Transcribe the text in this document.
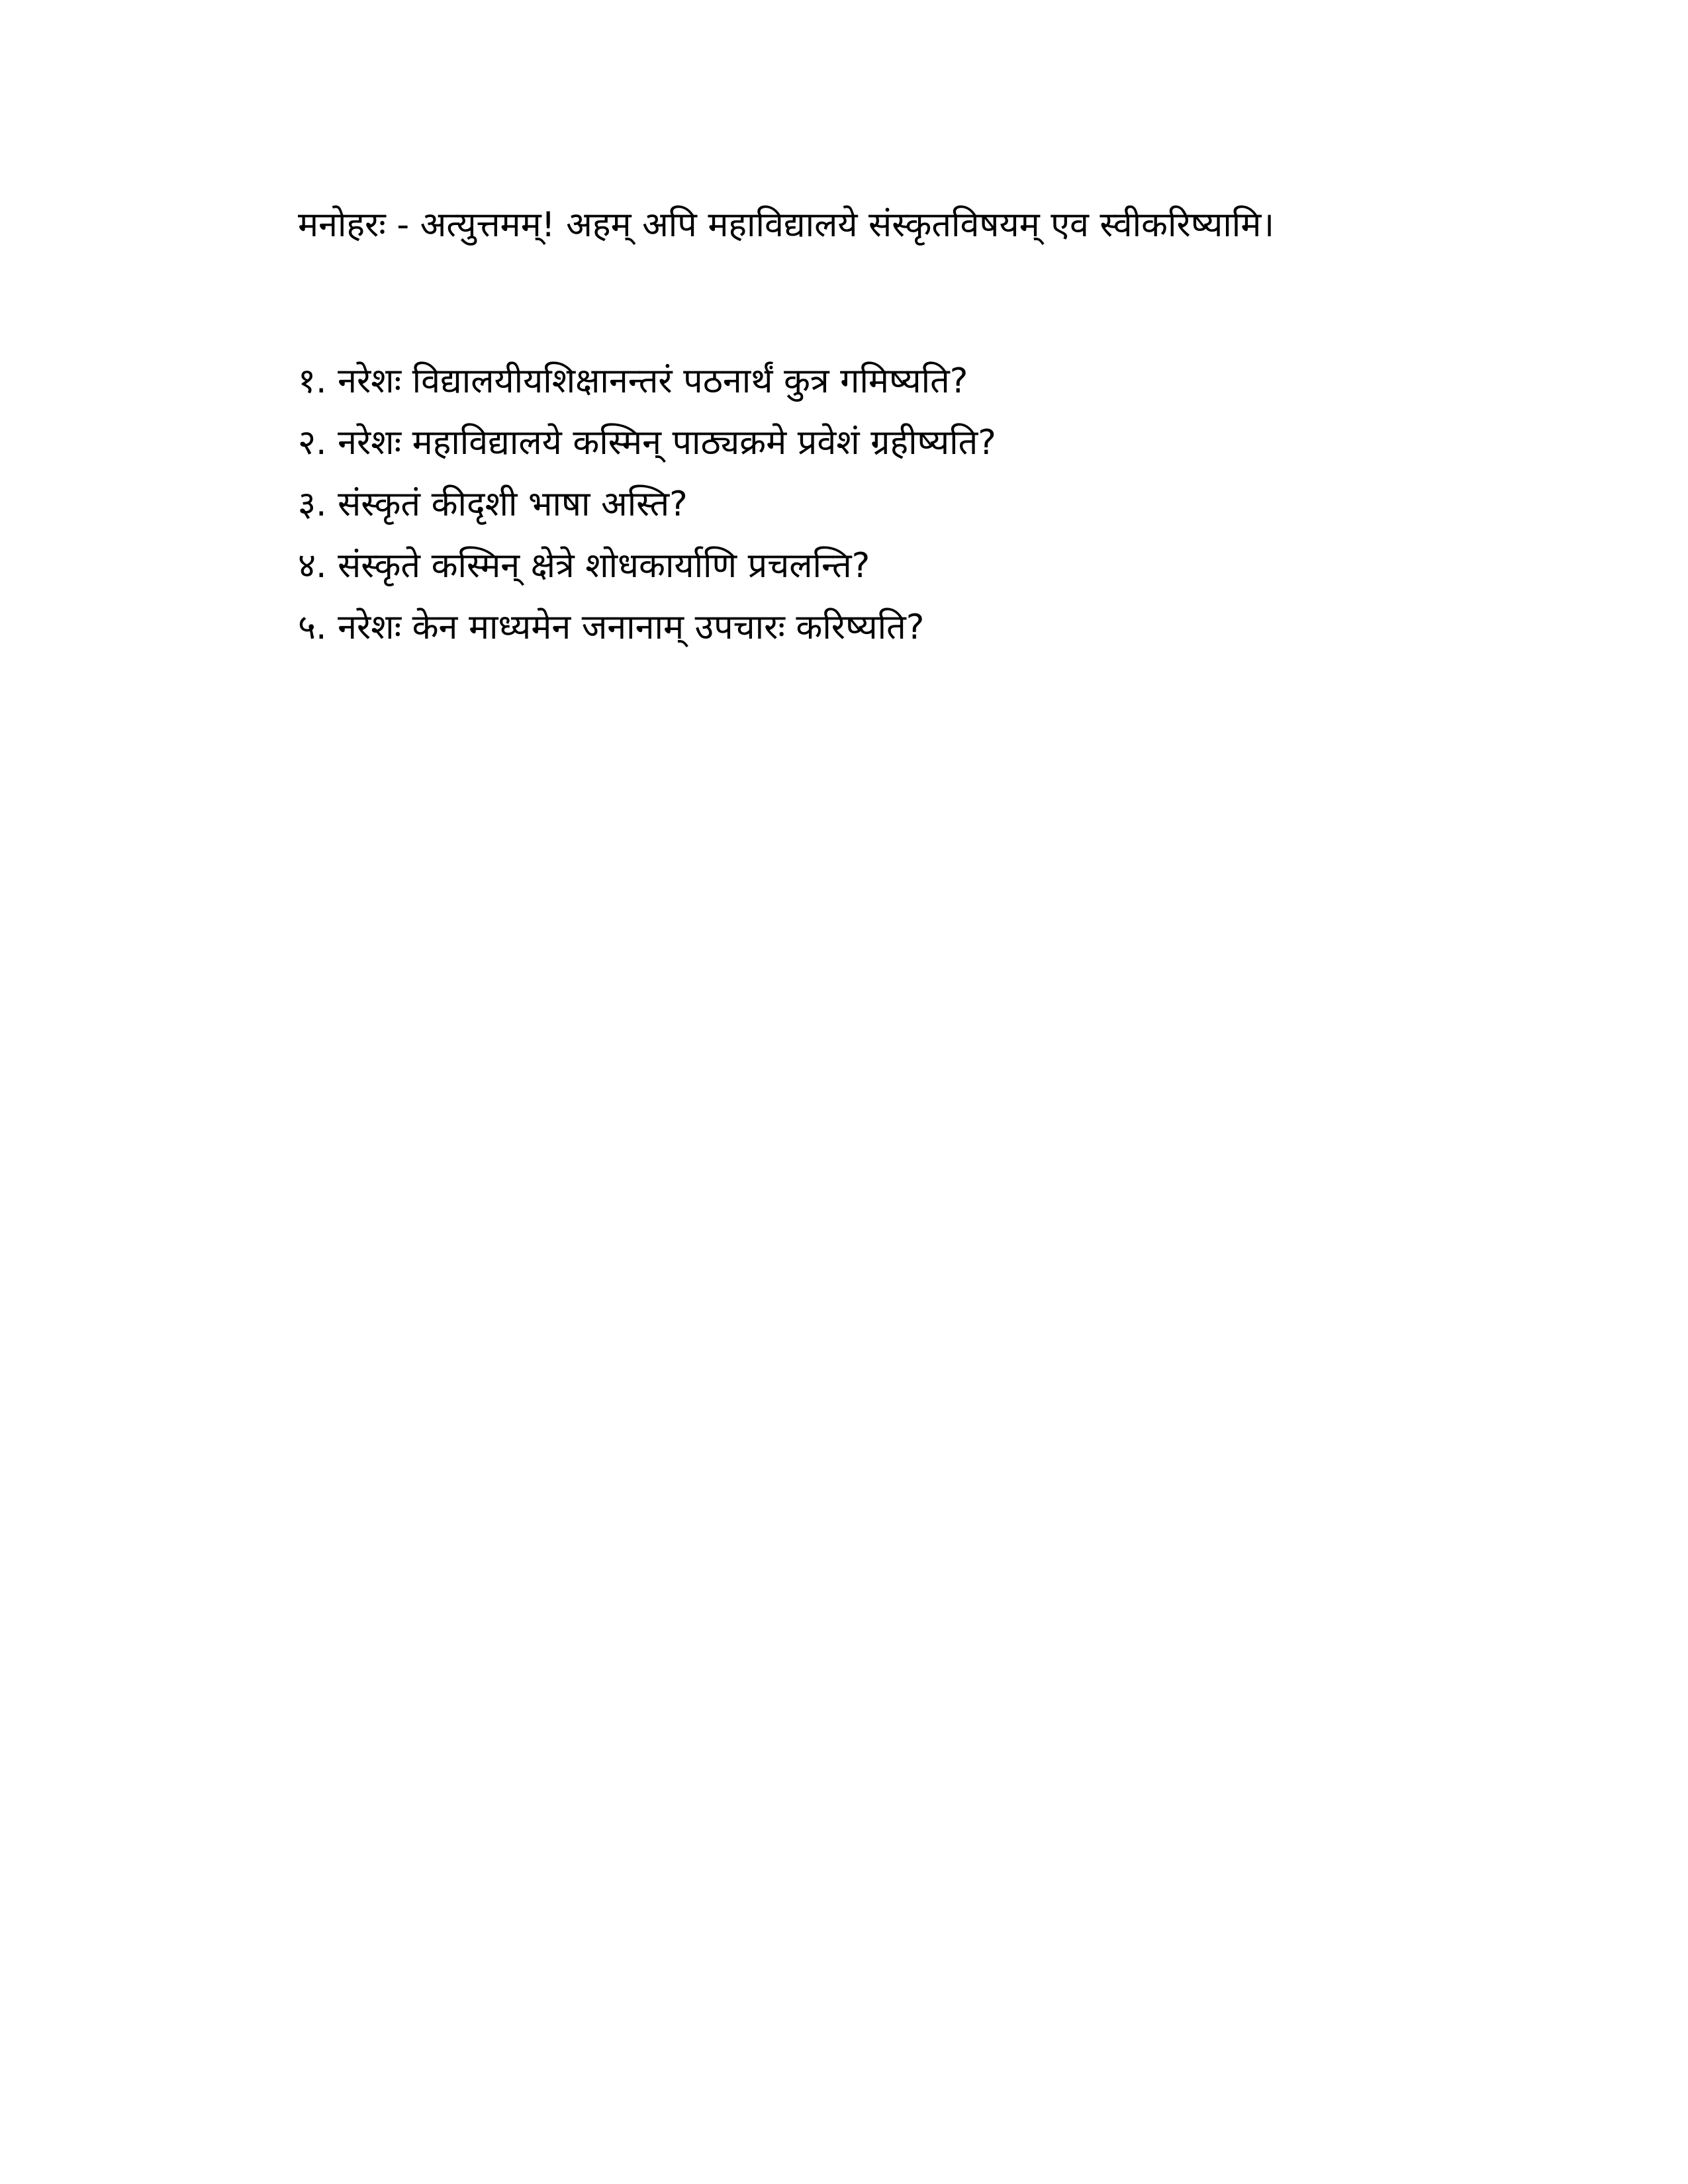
मनोहरः - अत्युत्तमम्! अहम् अपि महाविद्यालये संस्कृतविषयम् एव स्वीकरिष्यामि।

१. नरेशः विद्यालयीयशिक्षानन्तरं पठनार्थं कुत्र गमिष्यति?
२. नरेशः महाविद्यालये कस्मिन् पाठ्यक्रमे प्रवेशं ग्रहीष्यति?
३. संस्कृतं कीदृशी भाषा अस्ति?
४. संस्कृते कस्मिन् क्षेत्रे शोधकार्याणि प्रचलन्ति?
५. नरेशः केन माध्यमेन जनानाम् उपचारः करिष्यति?
